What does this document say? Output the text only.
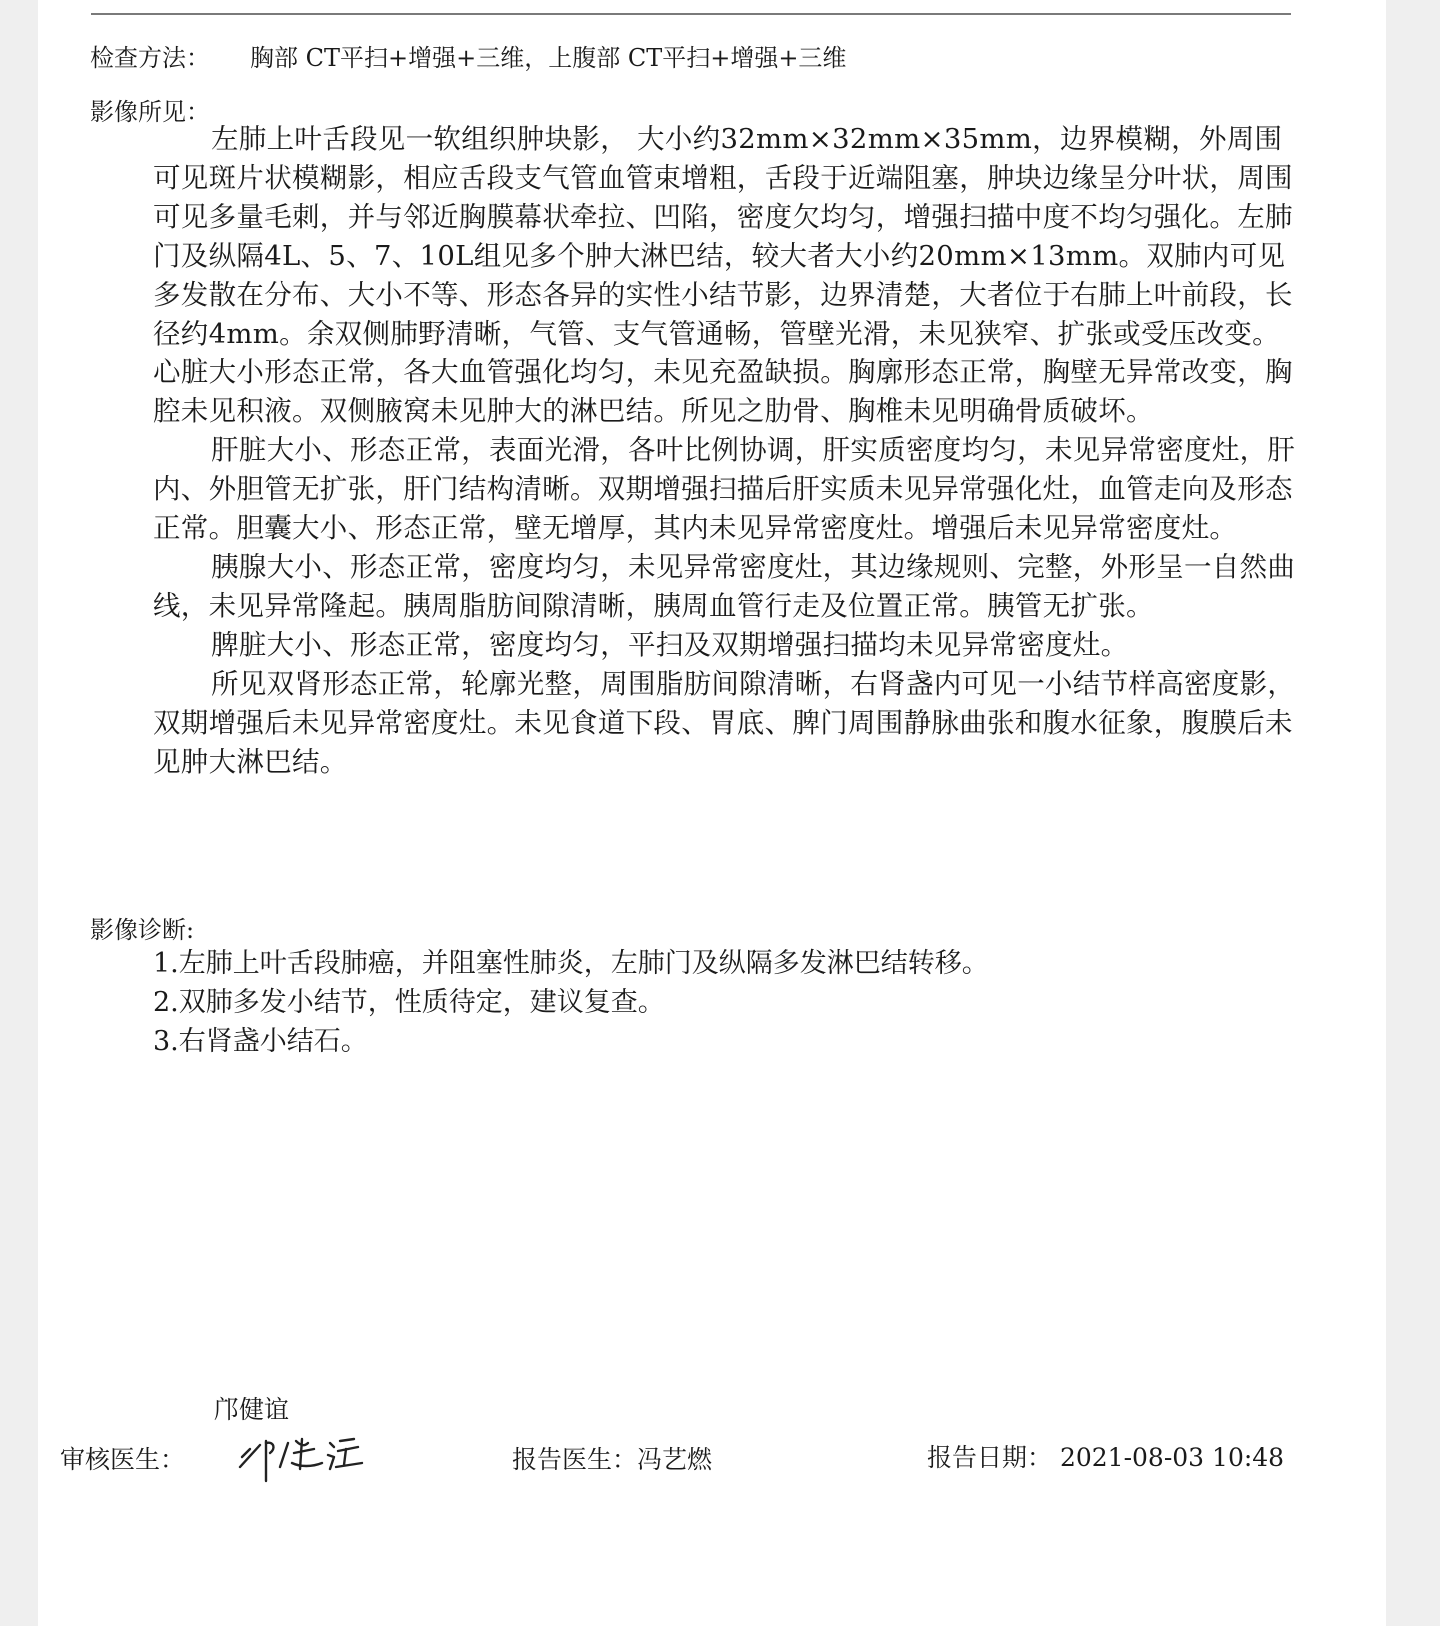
检查方法： 胸部 CT平扫+增强+三维，上腹部 CT平扫+增强+三维
影像所见：

左肺上叶舌段见一软组织肿块影， 大小约32mm×32mm×35mm，边界模糊，外周围可见斑片状模糊影，相应舌段支气管血管束增粗，舌段于近端阻塞，肿块边缘呈分叶状，周围可见多量毛刺，并与邻近胸膜幕状牵拉、凹陷，密度欠均匀，增强扫描中度不均匀强化。左肺门及纵隔4L、5、7、10L组见多个肿大淋巴结，较大者大小约20mm×13mm。双肺内可见多发散在分布、大小不等、形态各异的实性小结节影，边界清楚，大者位于右肺上叶前段，长径约4mm。余双侧肺野清晰，气管、支气管通畅，管壁光滑，未见狭窄、扩张或受压改变。心脏大小形态正常，各大血管强化均匀，未见充盈缺损。胸廓形态正常，胸壁无异常改变，胸腔未见积液。双侧腋窝未见肿大的淋巴结。所见之肋骨、胸椎未见明确骨质破坏。

肝脏大小、形态正常，表面光滑，各叶比例协调，肝实质密度均匀，未见异常密度灶，肝内、外胆管无扩张，肝门结构清晰。双期增强扫描后肝实质未见异常强化灶，血管走向及形态正常。胆囊大小、形态正常，壁无增厚，其内未见异常密度灶。增强后未见异常密度灶。

胰腺大小、形态正常，密度均匀，未见异常密度灶，其边缘规则、完整，外形呈一自然曲线，未见异常隆起。胰周脂肪间隙清晰，胰周血管行走及位置正常。胰管无扩张。

脾脏大小、形态正常，密度均匀，平扫及双期增强扫描均未见异常密度灶。

所见双肾形态正常，轮廓光整，周围脂肪间隙清晰，右肾盏内可见一小结节样高密度影，双期增强后未见异常密度灶。未见食道下段、胃底、脾门周围静脉曲张和腹水征象，腹膜后未见肿大淋巴结。

影像诊断:
1.左肺上叶舌段肺癌，并阻塞性肺炎，左肺门及纵隔多发淋巴结转移。
2.双肺多发小结节，性质待定，建议复查。
3.右肾盏小结石。
邝健谊
审核医生：	报告医生：冯艺燃	报告日期： 2021-08-03 10:48
